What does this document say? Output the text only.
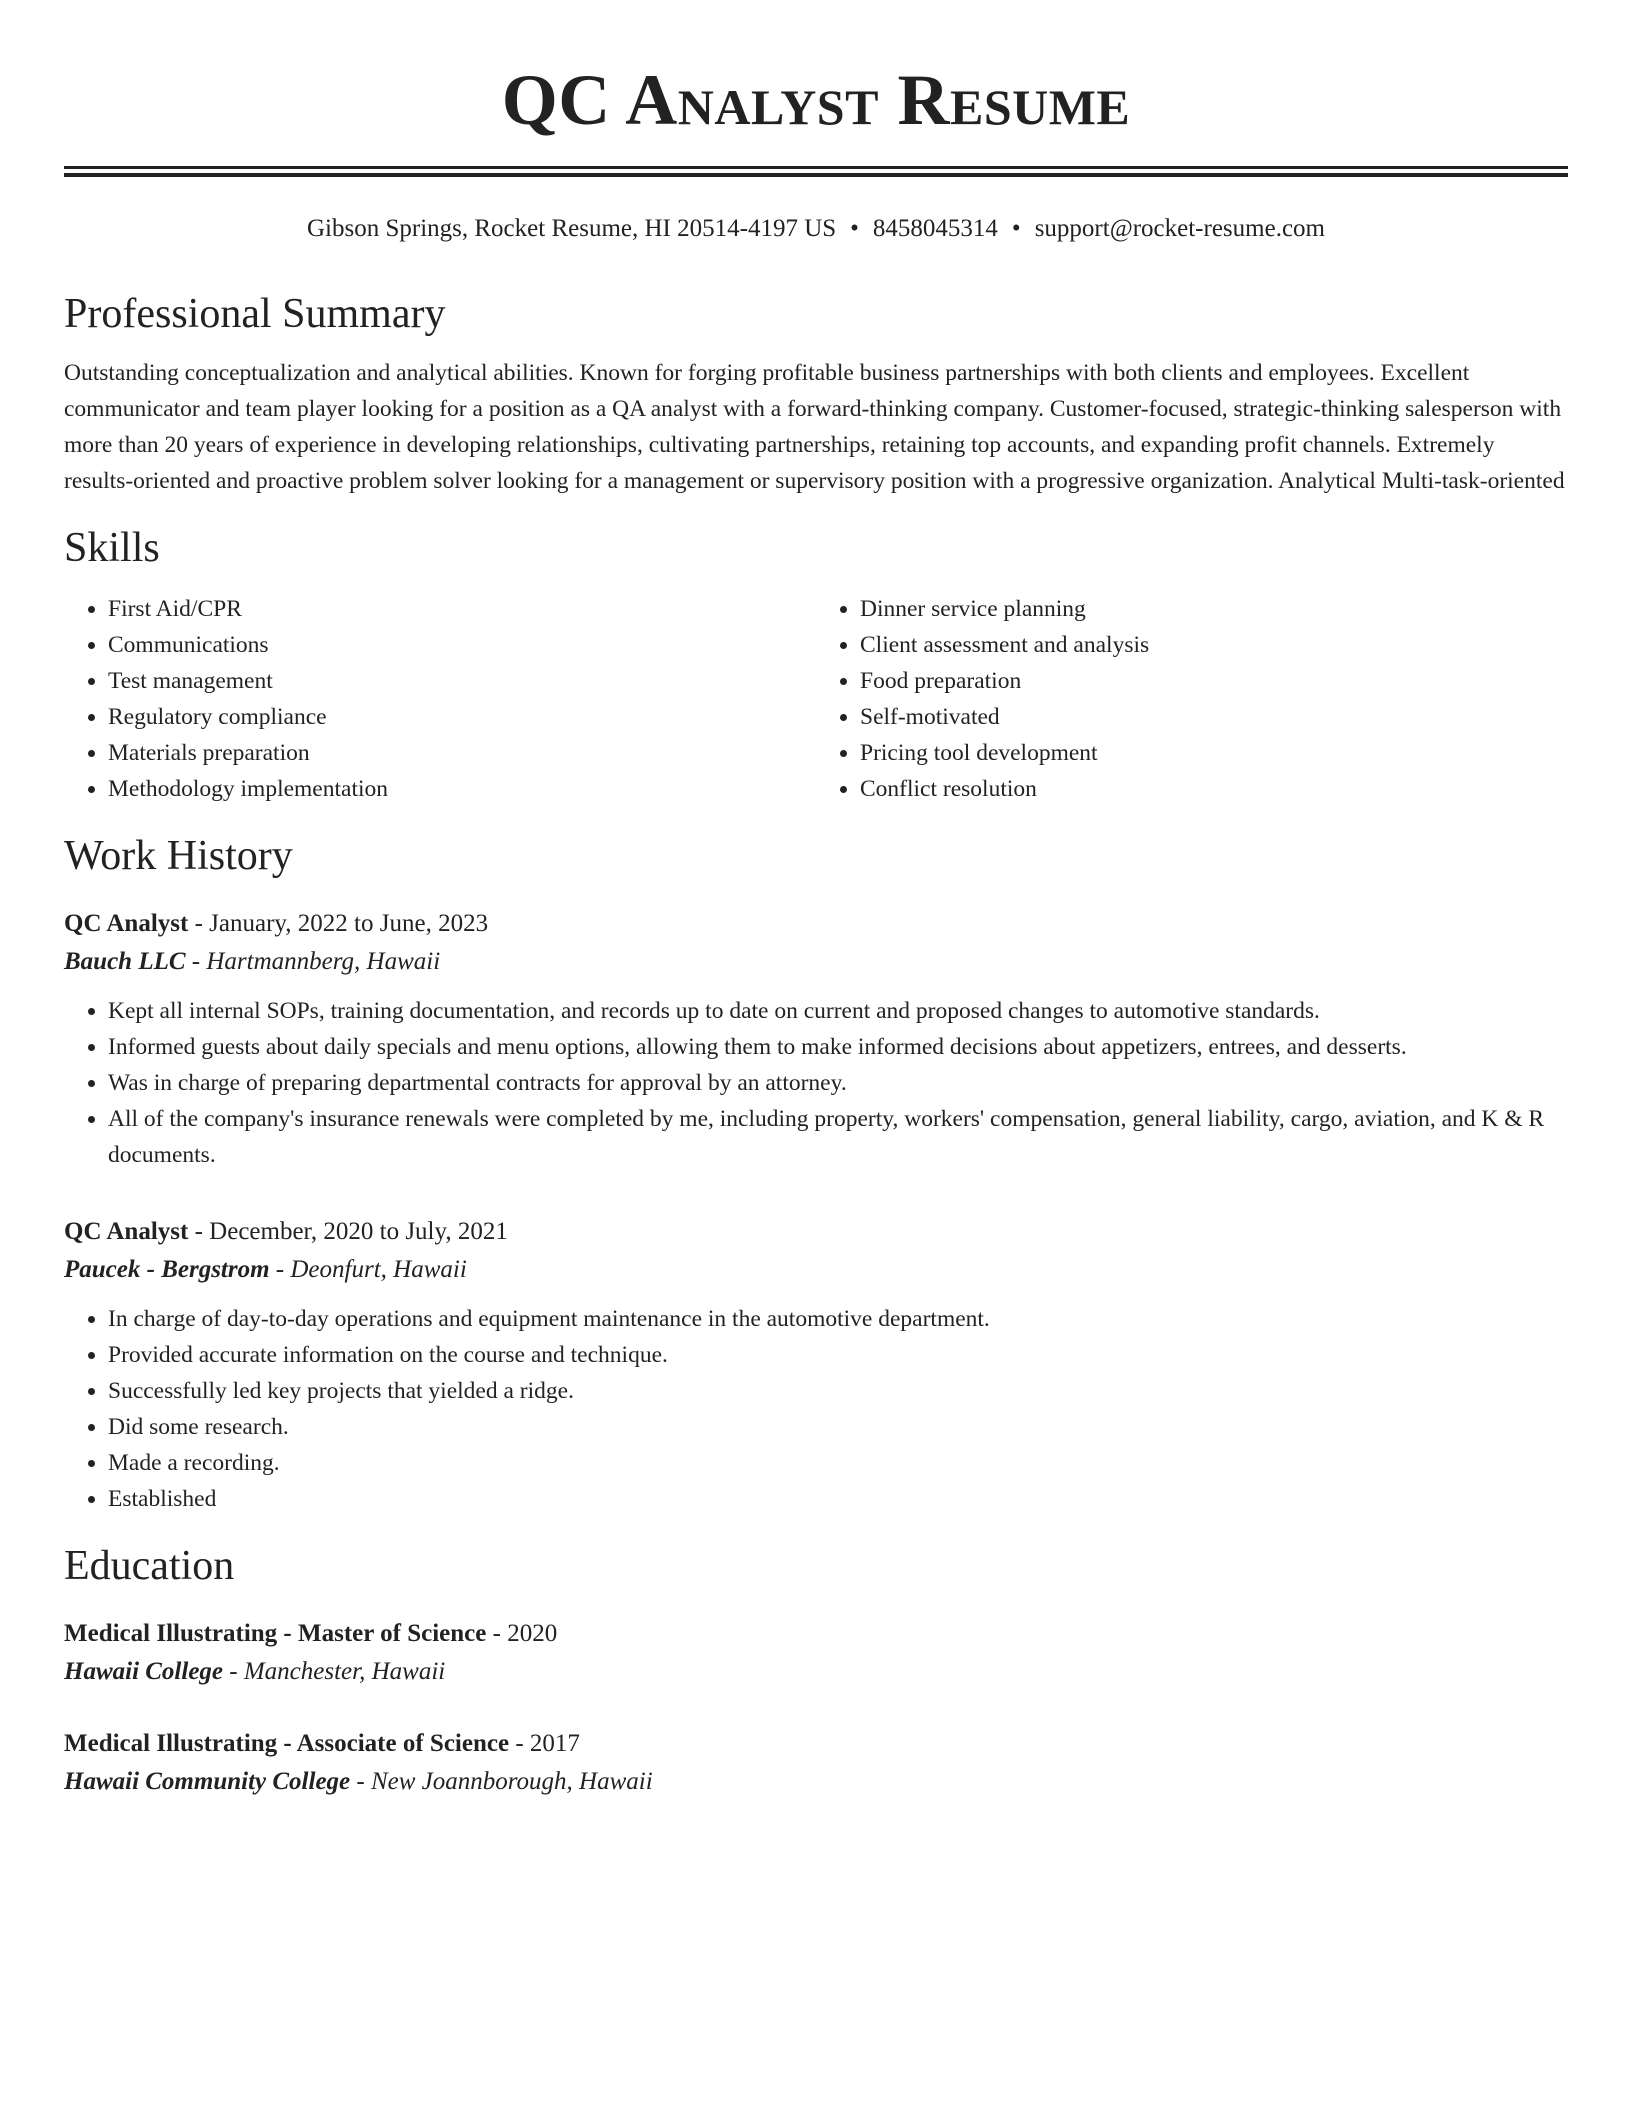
QC Analyst Resume
Gibson Springs, Rocket Resume, HI 20514-4197 US • 8458045314 • support@rocket-resume.com
Professional Summary

Outstanding conceptualization and analytical abilities. Known for forging profitable business partnerships with both clients and employees. Excellent communicator and team player looking for a position as a QA analyst with a forward-thinking company. Customer-focused, strategic-thinking salesperson with more than 20 years of experience in developing relationships, cultivating partnerships, retaining top accounts, and expanding profit channels. Extremely results-oriented and proactive problem solver looking for a management or supervisory position with a progressive organization. Analytical Multi-task-oriented

Skills
• First Aid/CPR
• Communications
• Test management
• Regulatory compliance
• Materials preparation
• Methodology implementation
• Dinner service planning
• Client assessment and analysis
• Food preparation
• Self-motivated
• Pricing tool development
• Conflict resolution
Work History
QC Analyst - January, 2022 to June, 2023
Bauch LLC - Hartmannberg, Hawaii
• Kept all internal SOPs, training documentation, and records up to date on current and proposed changes to automotive standards.
• Informed guests about daily specials and menu options, allowing them to make informed decisions about appetizers, entrees, and desserts.
• Was in charge of preparing departmental contracts for approval by an attorney.
• All of the company's insurance renewals were completed by me, including property, workers' compensation, general liability, cargo, aviation, and K & R documents.
QC Analyst - December, 2020 to July, 2021
Paucek - Bergstrom - Deonfurt, Hawaii
• In charge of day-to-day operations and equipment maintenance in the automotive department.
• Provided accurate information on the course and technique.
• Successfully led key projects that yielded a ridge.
• Did some research.
• Made a recording.
• Established
Education
Medical Illustrating - Master of Science - 2020
Hawaii College - Manchester, Hawaii
Medical Illustrating - Associate of Science - 2017
Hawaii Community College - New Joannborough, Hawaii
